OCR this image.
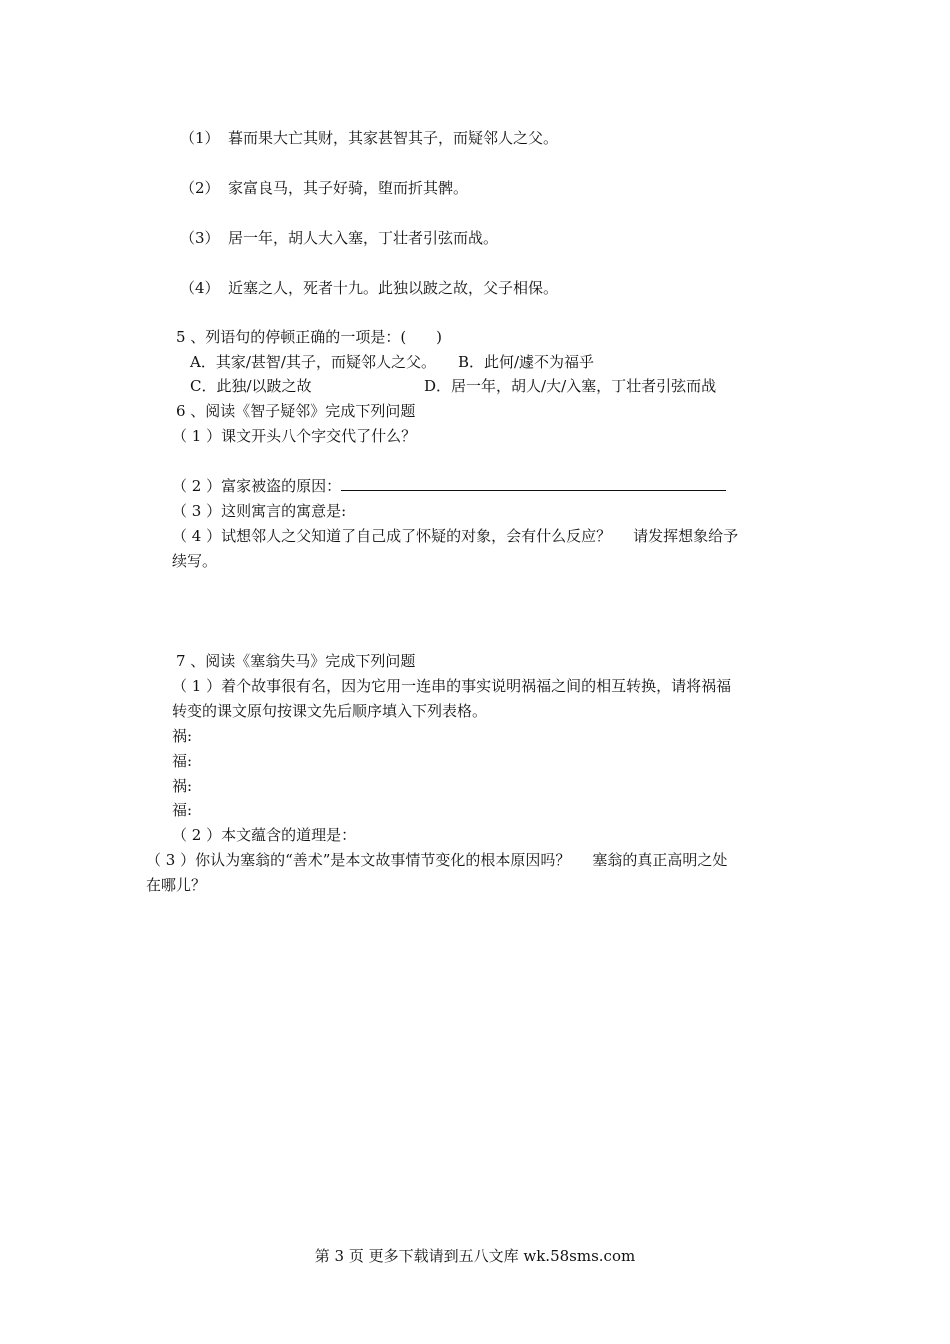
（1） 暮而果大亡其财，其家甚智其子，而疑邻人之父。
（2） 家富良马，其子好骑，堕而折其髀。
（3） 居一年，胡人大入塞，丁壮者引弦而战。
（4） 近塞之人，死者十九。此独以跛之故，父子相保。
5 、列语句的停顿正确的一项是：(　　)
A．其家/甚智/其子，而疑邻人之父。 B．此何/遽不为福乎
C．此独/以跛之故	D．居一年，胡人/大/入塞，丁壮者引弦而战
6 、阅读《智子疑邻》完成下列问题
（ 1 ）课文开头八个字交代了什么？
（ 2 ）富家被盗的原因：
（ 3 ）这则寓言的寓意是:
（ 4 ）试想邻人之父知道了自己成了怀疑的对象，会有什么反应？ 请发挥想象给予
续写。
7 、阅读《塞翁失马》完成下列问题
（ 1 ）着个故事很有名，因为它用一连串的事实说明祸福之间的相互转换，请将祸福
转变的课文原句按课文先后顺序填入下列表格。
祸:
福:
祸:
福:
（ 2 ）本文蕴含的道理是：
（ 3 ）你认为塞翁的“善术”是本文故事情节变化的根本原因吗？ 塞翁的真正高明之处
在哪儿？
第 3 页 更多下载请到五八文库 wk.58sms.com
